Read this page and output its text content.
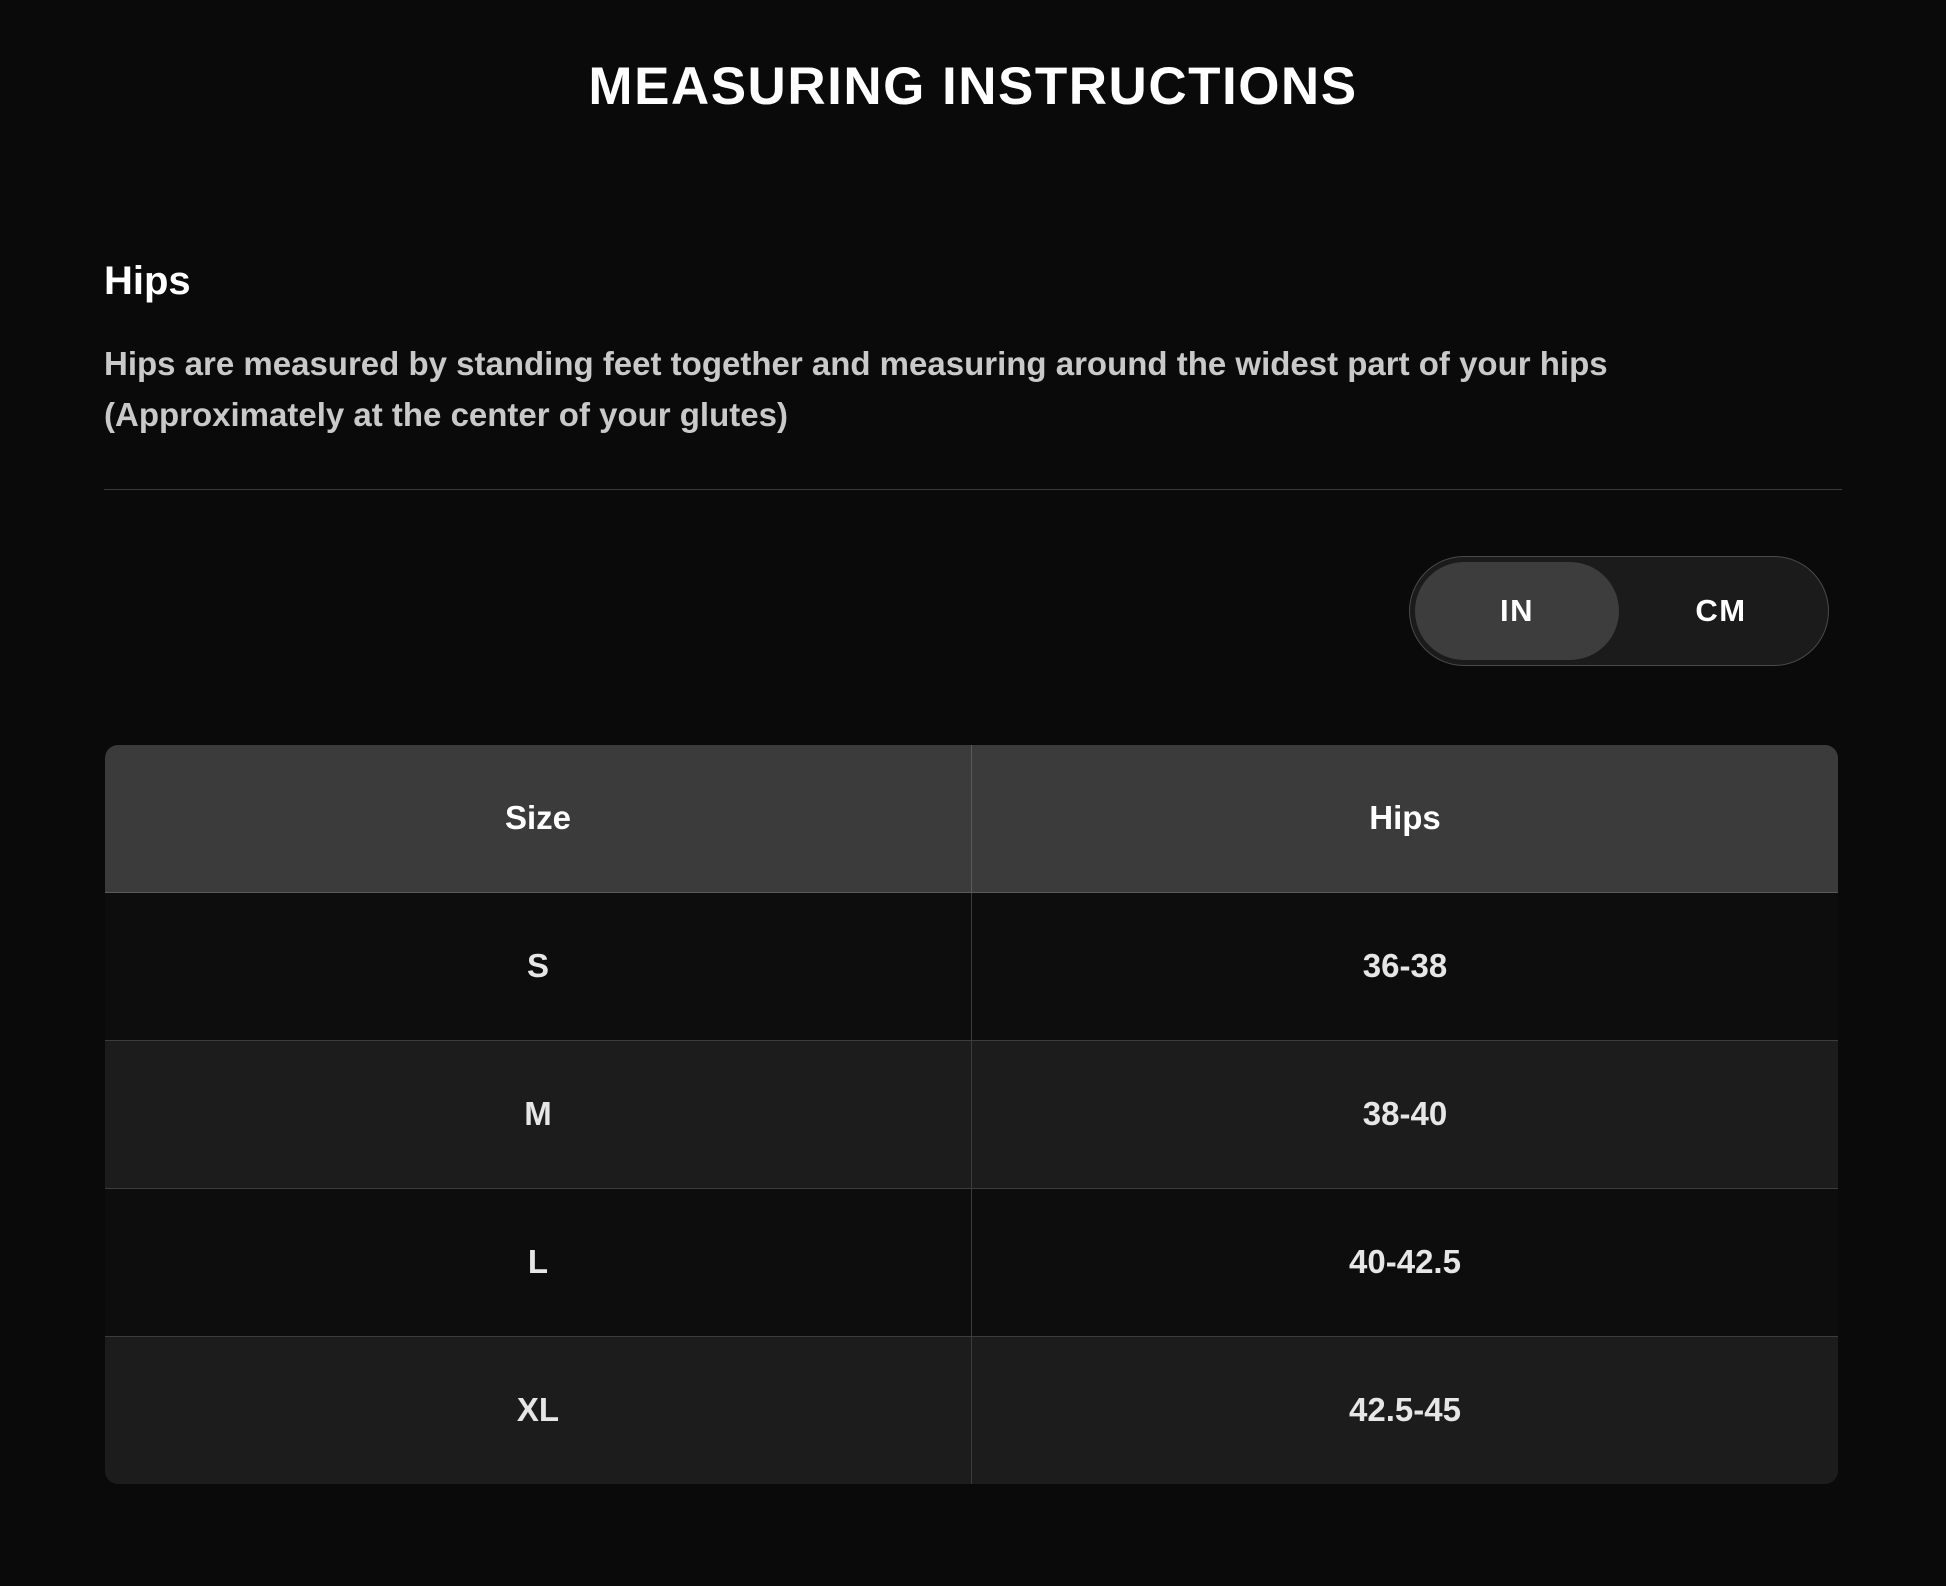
MEASURING INSTRUCTIONS
Hips
Hips are measured by standing feet together and measuring around the widest part of your hips (Approximately at the center of your glutes)
IN	CM
Size	Hips
S	36-38
M	38-40
L	40-42.5
XL	42.5-45
